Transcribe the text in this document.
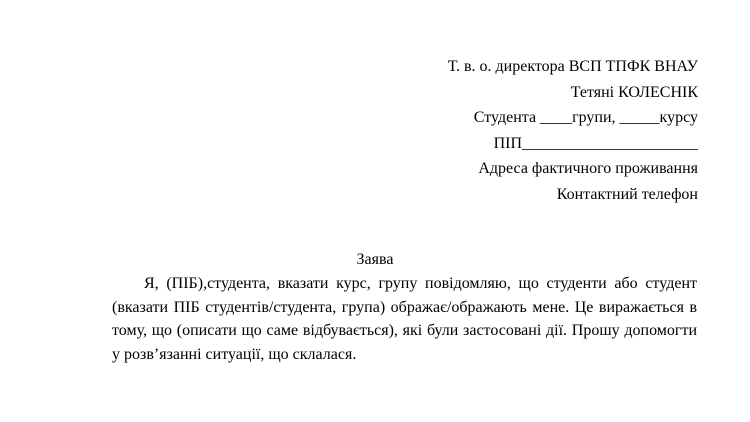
Т. в. о. директора ВСП ТПФК ВНАУ
Тетяні КОЛЕСНІК
Студента ____групи, _____курсу
ПІП______________________
Адреса фактичного проживання
Контактний телефон
Заява

Я, (ПІБ),студента, вказати курс, групу повідомляю, що студенти або студент (вказати ПІБ студентів/студента, група) ображає/ображають мене. Це виражається в тому, що (описати що саме відбувається), які були застосовані дії. Прошу допомогти у розв’язанні ситуації, що склалася.
